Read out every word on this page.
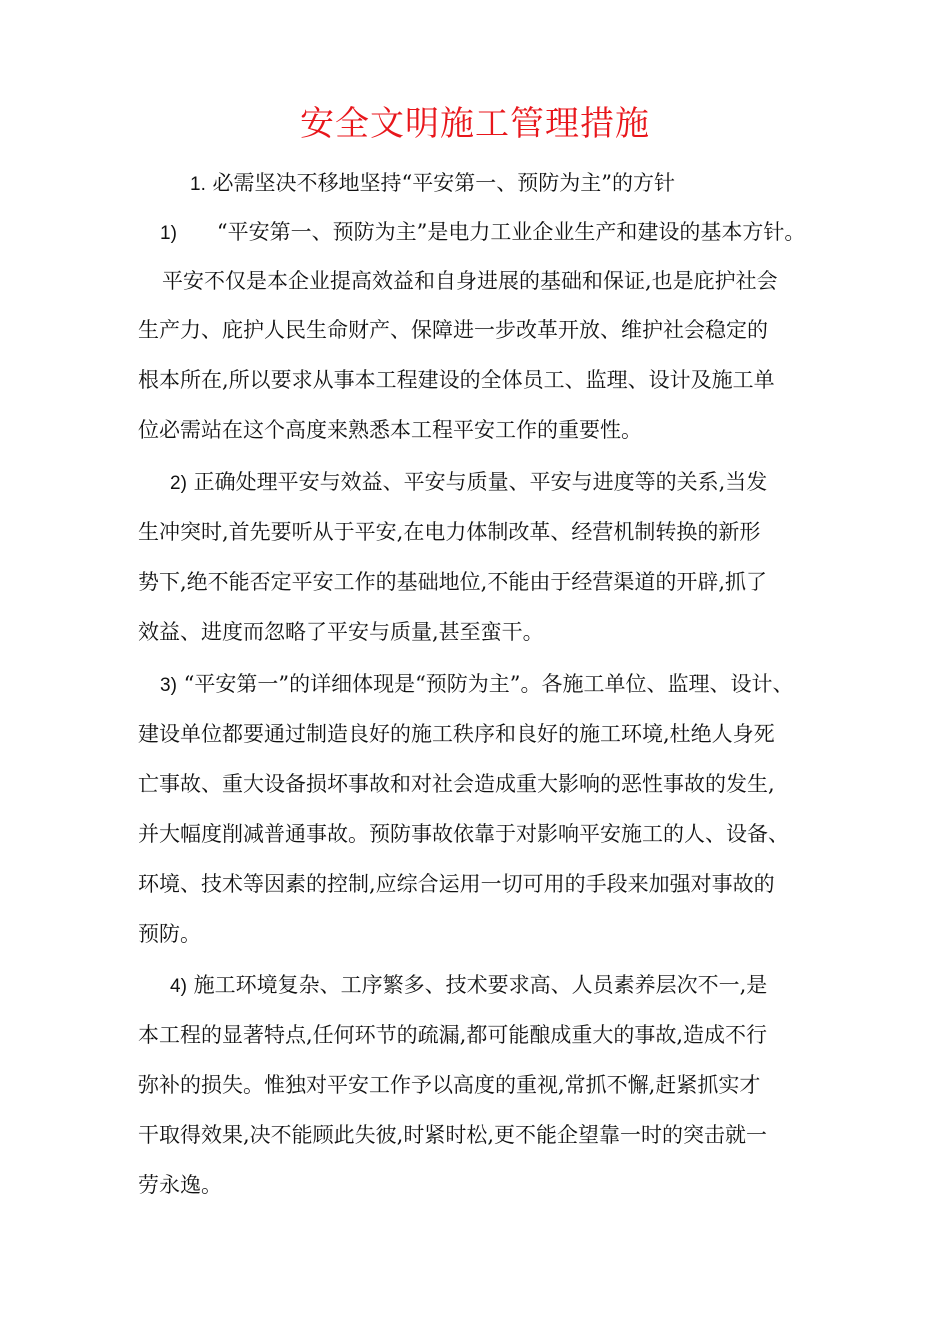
安全文明施工管理措施
1. 必需坚决不移地坚持“平安第一、预防为主”的方针
1) “平安第一、预防为主”是电力工业企业生产和建设的基本方针。
平安不仅是本企业提高效益和自身进展的基础和保证,也是庇护社会
生产力、庇护人民生命财产、保障进一步改革开放、维护社会稳定的
根本所在,所以要求从事本工程建设的全体员工、监理、设计及施工单
位必需站在这个高度来熟悉本工程平安工作的重要性。
2) 正确处理平安与效益、平安与质量、平安与进度等的关系,当发
生冲突时,首先要听从于平安,在电力体制改革、经营机制转换的新形
势下,绝不能否定平安工作的基础地位,不能由于经营渠道的开辟,抓了
效益、进度而忽略了平安与质量,甚至蛮干。
3) “平安第一”的详细体现是“预防为主”。各施工单位、监理、设计、
建设单位都要通过制造良好的施工秩序和良好的施工环境,杜绝人身死
亡事故、重大设备损坏事故和对社会造成重大影响的恶性事故的发生,
并大幅度削减普通事故。预防事故依靠于对影响平安施工的人、设备、
环境、技术等因素的控制,应综合运用一切可用的手段来加强对事故的
预防。
4) 施工环境复杂、工序繁多、技术要求高、人员素养层次不一,是
本工程的显著特点,任何环节的疏漏,都可能酿成重大的事故,造成不行
弥补的损失。惟独对平安工作予以高度的重视,常抓不懈,赶紧抓实才
干取得效果,决不能顾此失彼,时紧时松,更不能企望靠一时的突击就一
劳永逸。
